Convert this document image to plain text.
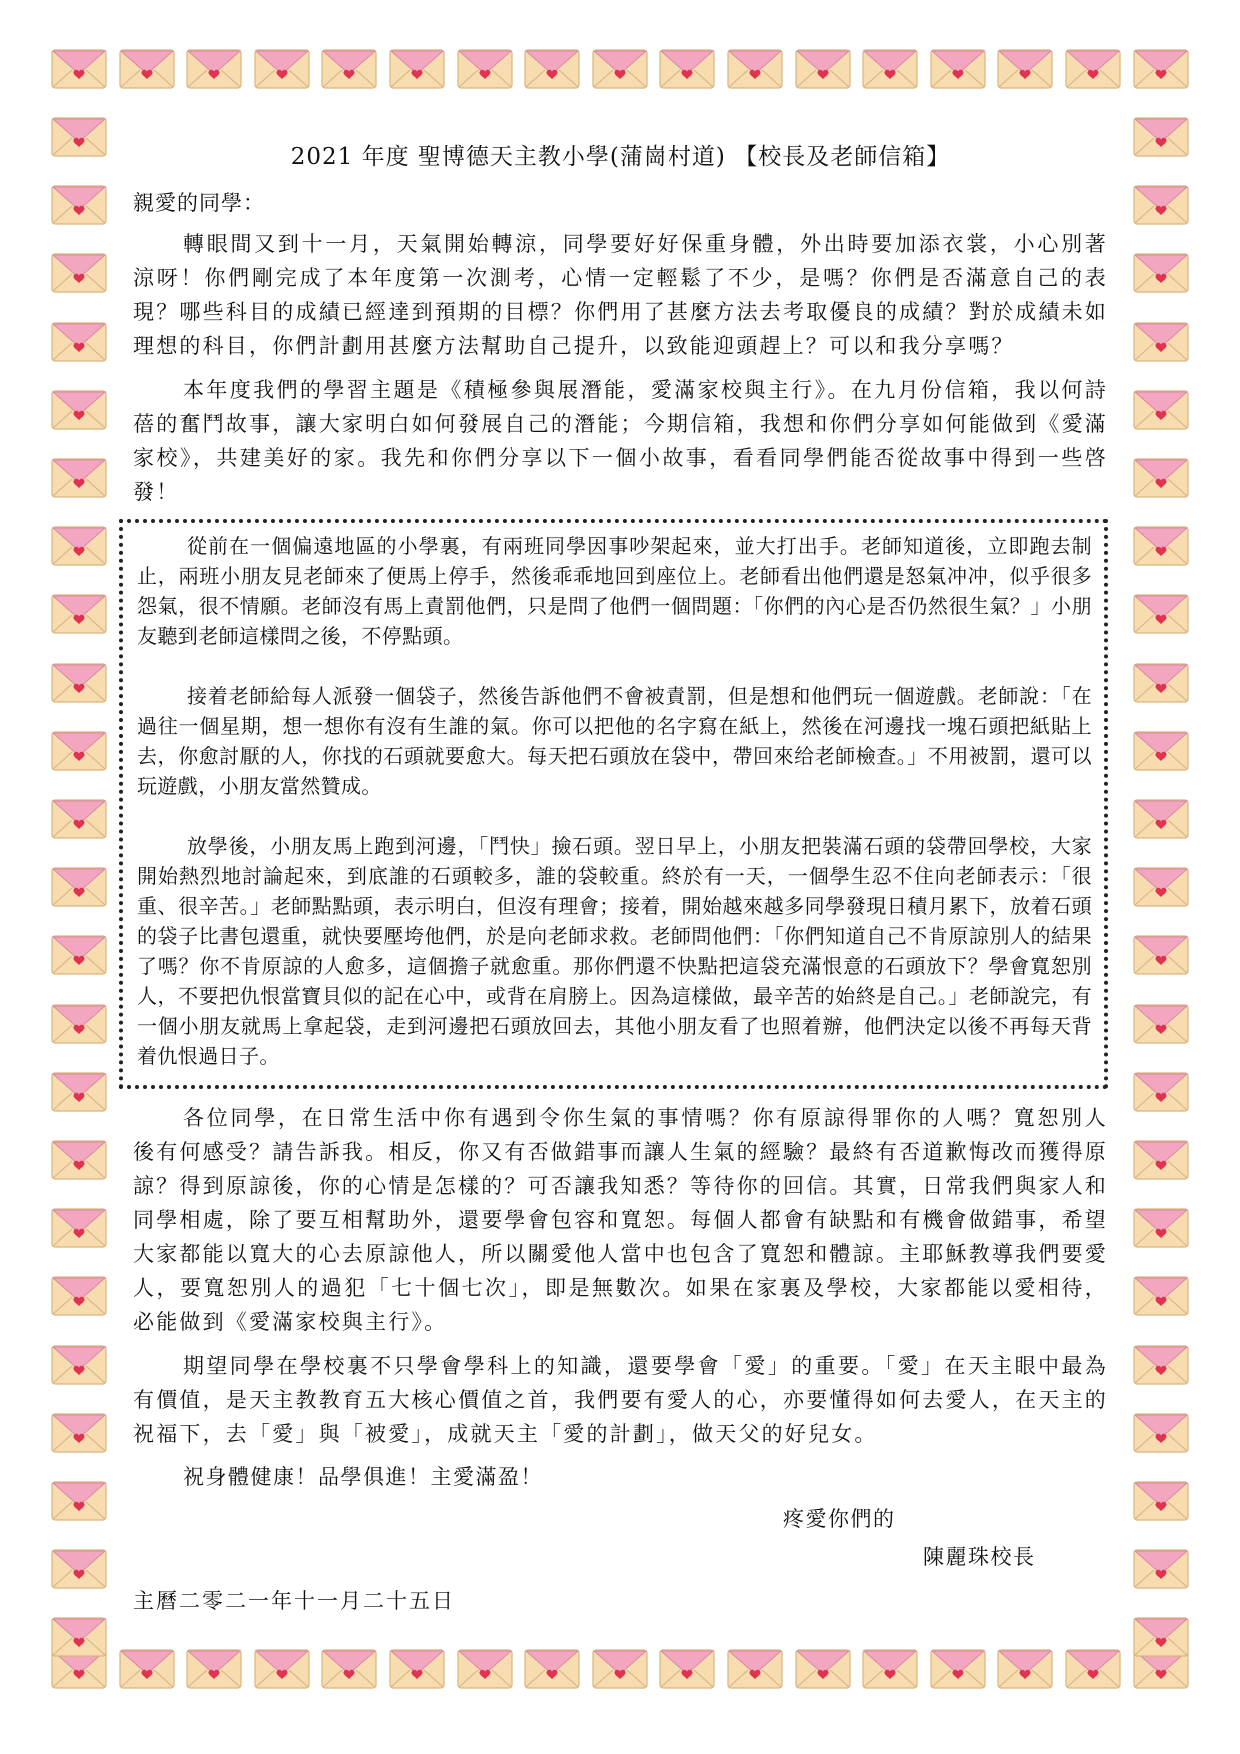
2021 年度 聖博德天主教小學(蒲崗村道) 【校長及老師信箱】
親愛的同學：

轉眼間又到十一月，天氣開始轉涼，同學要好好保重身體，外出時要加添衣裳，小心別著涼呀！你們剛完成了本年度第一次測考，心情一定輕鬆了不少，是嗎？你們是否滿意自己的表現？哪些科目的成績已經達到預期的目標？你們用了甚麼方法去考取優良的成績？對於成績未如理想的科目，你們計劃用甚麼方法幫助自己提升，以致能迎頭趕上？可以和我分享嗎？

本年度我們的學習主題是《積極參與展潛能，愛滿家校與主行》。在九月份信箱，我以何詩蓓的奮鬥故事，讓大家明白如何發展自己的潛能；今期信箱，我想和你們分享如何能做到《愛滿家校》，共建美好的家。我先和你們分享以下一個小故事，看看同學們能否從故事中得到一些啓發！

從前在一個偏遠地區的小學裏，有兩班同學因事吵架起來，並大打出手。老師知道後，立即跑去制止，兩班小朋友見老師來了便馬上停手，然後乖乖地回到座位上。老師看出他們還是怒氣冲冲，似乎很多怨氣，很不情願。老師沒有馬上責罰他們，只是問了他們一個問題：「你們的內心是否仍然很生氣？」小朋友聽到老師這樣問之後，不停點頭。

接着老師給每人派發一個袋子，然後告訴他們不會被責罰，但是想和他們玩一個遊戲。老師說：「在過往一個星期，想一想你有沒有生誰的氣。你可以把他的名字寫在紙上，然後在河邊找一塊石頭把紙貼上去，你愈討厭的人，你找的石頭就要愈大。每天把石頭放在袋中，帶回來给老師檢查。」不用被罰，還可以玩遊戲，小朋友當然贊成。

放學後，小朋友馬上跑到河邊，「鬥快」撿石頭。翌日早上，小朋友把裝滿石頭的袋帶回學校，大家開始熱烈地討論起來，到底誰的石頭較多，誰的袋較重。終於有一天，一個學生忍不住向老師表示：「很重、很辛苦。」老師點點頭，表示明白，但沒有理會；接着，開始越來越多同學發現日積月累下，放着石頭的袋子比書包還重，就快要壓垮他們，於是向老師求救。老師問他們：「你們知道自己不肯原諒別人的結果了嗎？你不肯原諒的人愈多，這個擔子就愈重。那你們還不快點把這袋充滿恨意的石頭放下？學會寬恕別人，不要把仇恨當寶貝似的記在心中，或背在肩膀上。因為這樣做，最辛苦的始終是自己。」老師說完，有一個小朋友就馬上拿起袋，走到河邊把石頭放回去，其他小朋友看了也照着辦，他們決定以後不再每天背着仇恨過日子。

各位同學，在日常生活中你有遇到令你生氣的事情嗎？你有原諒得罪你的人嗎？寬恕別人後有何感受？請告訴我。相反，你又有否做錯事而讓人生氣的經驗？最終有否道歉悔改而獲得原諒？得到原諒後，你的心情是怎樣的？可否讓我知悉？等待你的回信。其實，日常我們與家人和同學相處，除了要互相幫助外，還要學會包容和寬恕。每個人都會有缺點和有機會做錯事，希望大家都能以寬大的心去原諒他人，所以關愛他人當中也包含了寬恕和體諒。主耶穌教導我們要愛人，要寬恕別人的過犯「七十個七次」，即是無數次。如果在家裏及學校，大家都能以愛相待，必能做到《愛滿家校與主行》。

期望同學在學校裏不只學會學科上的知識，還要學會「愛」的重要。「愛」在天主眼中最為有價值，是天主教教育五大核心價值之首，我們要有愛人的心，亦要懂得如何去愛人，在天主的祝福下，去「愛」與「被愛」，成就天主「愛的計劃」，做天父的好兒女。

祝身體健康！品學俱進！主愛滿盈！
疼愛你們的
陳麗珠校長
主曆二零二一年十一月二十五日
